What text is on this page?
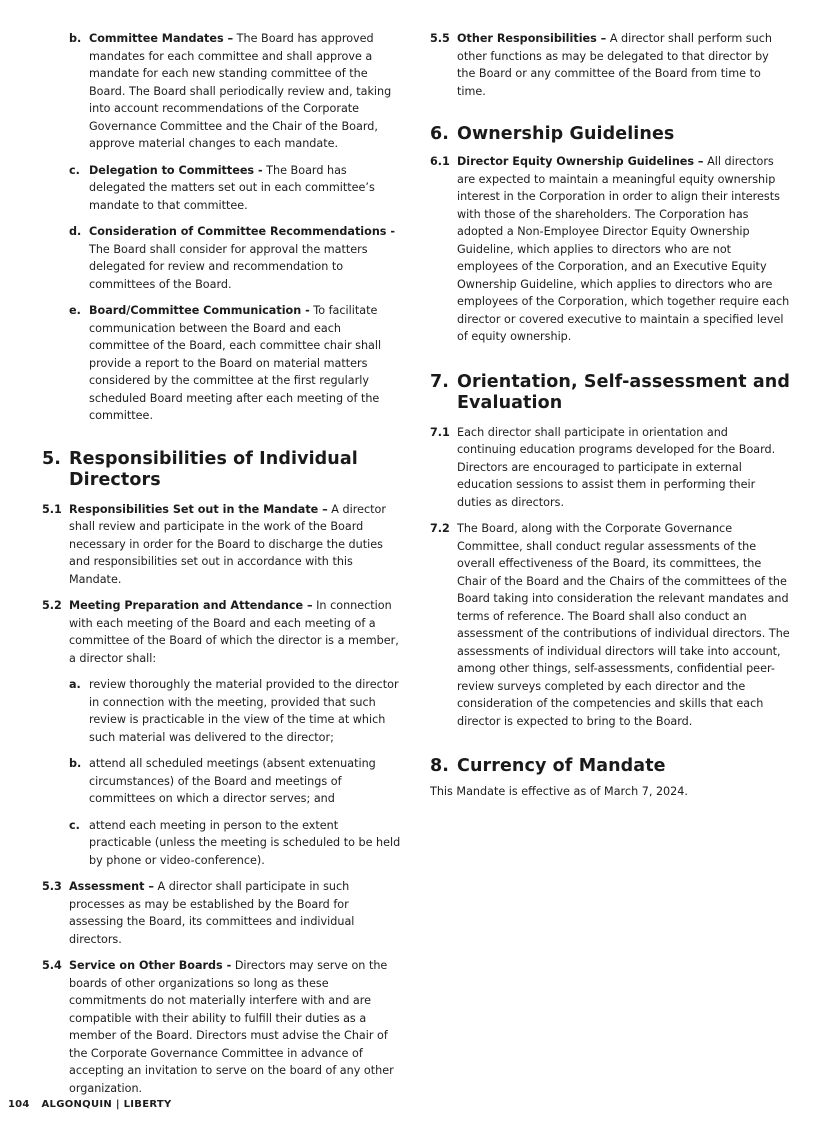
b. Committee Mandates – The Board has approved mandates for each committee and shall approve a mandate for each new standing committee of the Board. The Board shall periodically review and, taking into account recommendations of the Corporate Governance Committee and the Chair of the Board, approve material changes to each mandate.
c. Delegation to Committees - The Board has delegated the matters set out in each committee’s mandate to that committee.
d. Consideration of Committee Recommendations - The Board shall consider for approval the matters delegated for review and recommendation to committees of the Board.
e. Board/Committee Communication - To facilitate communication between the Board and each committee of the Board, each committee chair shall provide a report to the Board on material matters considered by the committee at the first regularly scheduled Board meeting after each meeting of the committee.
5. Responsibilities of Individual Directors
5.1 Responsibilities Set out in the Mandate – A director shall review and participate in the work of the Board necessary in order for the Board to discharge the duties and responsibilities set out in accordance with this Mandate.
5.2 Meeting Preparation and Attendance – In connection with each meeting of the Board and each meeting of a committee of the Board of which the director is a member, a director shall:
a. review thoroughly the material provided to the director in connection with the meeting, provided that such review is practicable in the view of the time at which such material was delivered to the director;
b. attend all scheduled meetings (absent extenuating circumstances) of the Board and meetings of committees on which a director serves; and
c. attend each meeting in person to the extent practicable (unless the meeting is scheduled to be held by phone or video-conference).
5.3 Assessment – A director shall participate in such processes as may be established by the Board for assessing the Board, its committees and individual directors.
5.4 Service on Other Boards - Directors may serve on the boards of other organizations so long as these commitments do not materially interfere with and are compatible with their ability to fulfill their duties as a member of the Board. Directors must advise the Chair of the Corporate Governance Committee in advance of accepting an invitation to serve on the board of any other organization.
5.5 Other Responsibilities – A director shall perform such other functions as may be delegated to that director by the Board or any committee of the Board from time to time.
6. Ownership Guidelines
6.1 Director Equity Ownership Guidelines – All directors are expected to maintain a meaningful equity ownership interest in the Corporation in order to align their interests with those of the shareholders. The Corporation has adopted a Non-Employee Director Equity Ownership Guideline, which applies to directors who are not employees of the Corporation, and an Executive Equity Ownership Guideline, which applies to directors who are employees of the Corporation, which together require each director or covered executive to maintain a specified level of equity ownership.
7. Orientation, Self-assessment and Evaluation
7.1 Each director shall participate in orientation and continuing education programs developed for the Board. Directors are encouraged to participate in external education sessions to assist them in performing their duties as directors.
7.2 The Board, along with the Corporate Governance Committee, shall conduct regular assessments of the overall effectiveness of the Board, its committees, the Chair of the Board and the Chairs of the committees of the Board taking into consideration the relevant mandates and terms of reference. The Board shall also conduct an assessment of the contributions of individual directors. The assessments of individual directors will take into account, among other things, self-assessments, confidential peer-review surveys completed by each director and the consideration of the competencies and skills that each director is expected to bring to the Board.
8. Currency of Mandate

This Mandate is effective as of March 7, 2024.

104 ALGONQUIN | LIBERTY
